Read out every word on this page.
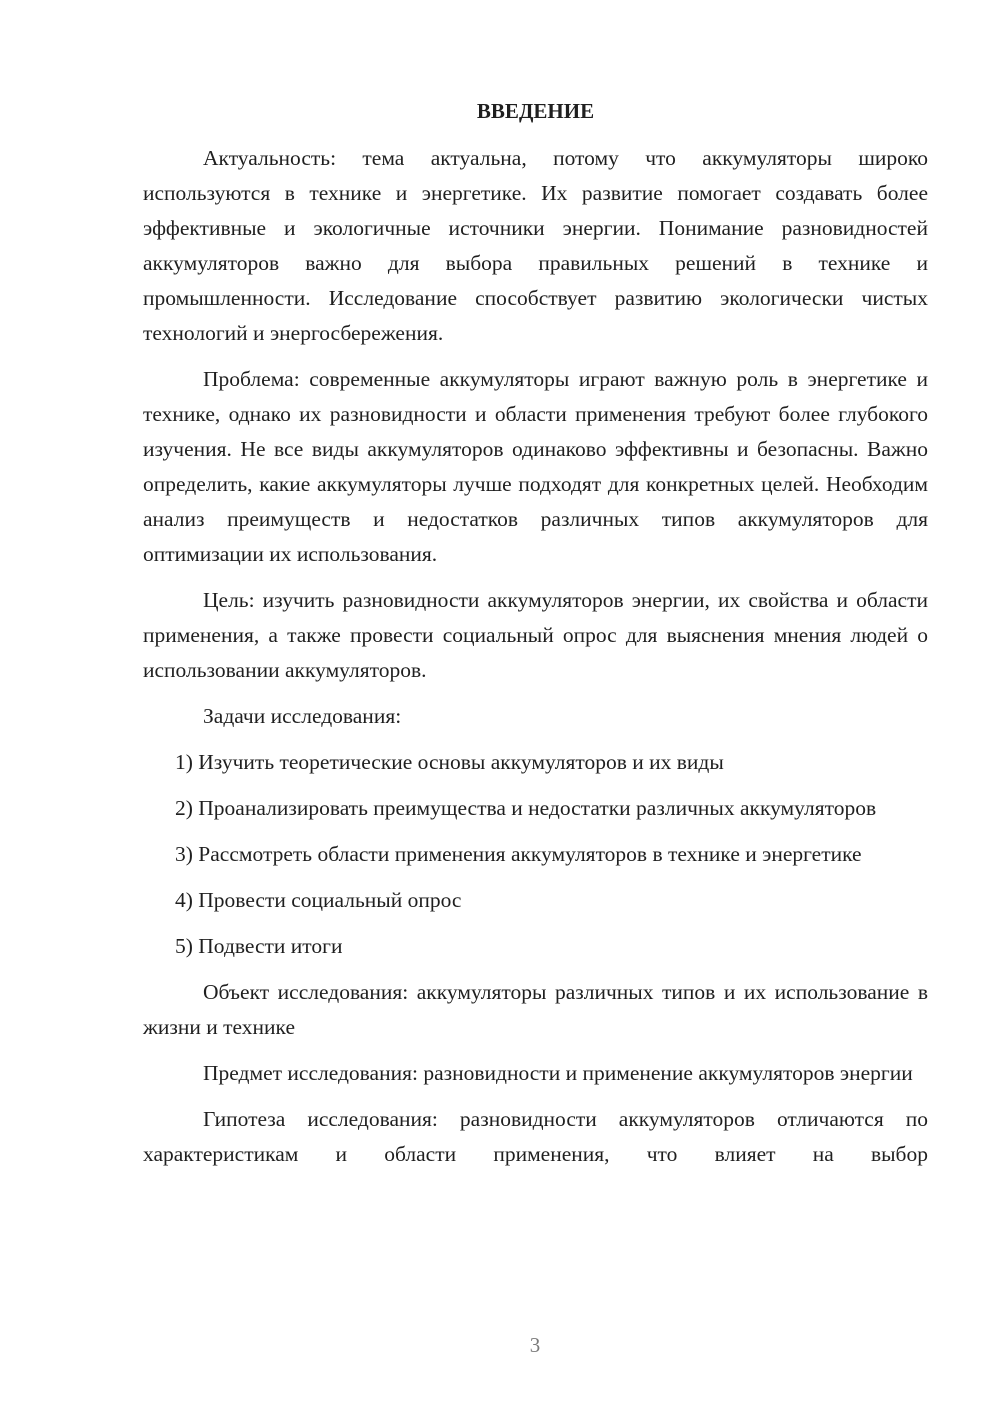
ВВЕДЕНИЕ

Актуальность: тема актуальна, потому что аккумуляторы широко используются в технике и энергетике. Их развитие помогает создавать более эффективные и экологичные источники энергии. Понимание разновидностей аккумуляторов важно для выбора правильных решений в технике и промышленности. Исследование способствует развитию экологически чистых технологий и энергосбережения.

Проблема: современные аккумуляторы играют важную роль в энергетике и технике, однако их разновидности и области применения требуют более глубокого изучения. Не все виды аккумуляторов одинаково эффективны и безопасны. Важно определить, какие аккумуляторы лучше подходят для конкретных целей. Необходим анализ преимуществ и недостатков различных типов аккумуляторов для оптимизации их использования.

Цель: изучить разновидности аккумуляторов энергии, их свойства и области применения, а также провести социальный опрос для выяснения мнения людей о использовании аккумуляторов.

Задачи исследования:

1) Изучить теоретические основы аккумуляторов и их виды

2) Проанализировать преимущества и недостатки различных аккумуляторов

3) Рассмотреть области применения аккумуляторов в технике и энергетике

4) Провести социальный опрос

5) Подвести итоги

Объект исследования: аккумуляторы различных типов и их использование в жизни и технике

Предмет исследования: разновидности и применение аккумуляторов энергии

Гипотеза исследования: разновидности аккумуляторов отличаются по характеристикам и области применения, что влияет на выбор

3
